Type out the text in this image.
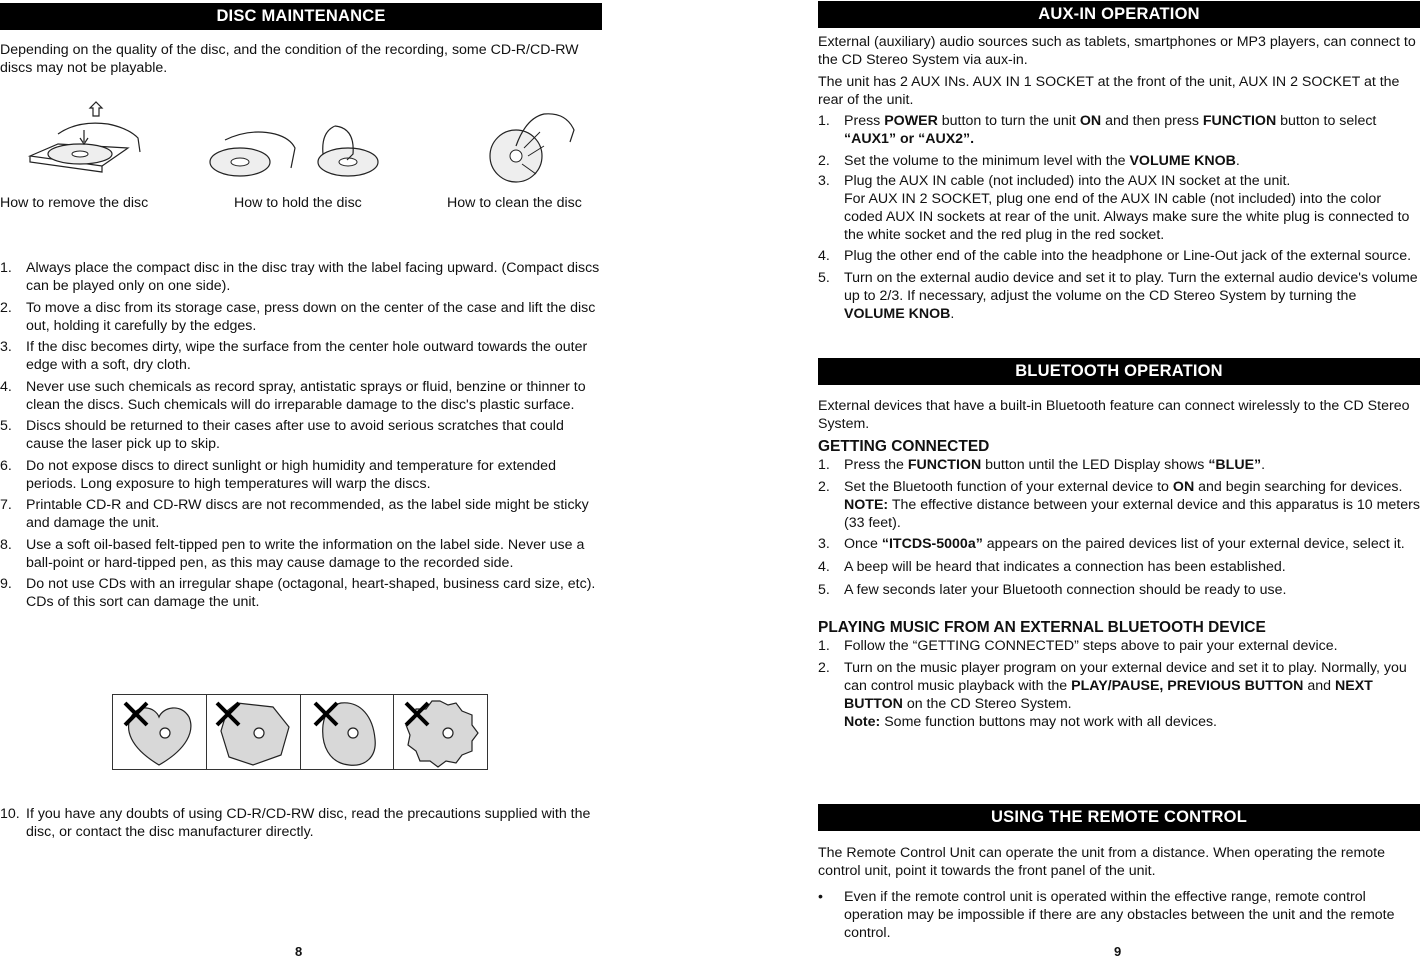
DISC MAINTENANCE

Depending on the quality of the disc, and the condition of the recording, some CD-R/CD-RW discs may not be playable.

How to remove the disc	How to hold the disc	How to clean the disc
1. Always place the compact disc in the disc tray with the label facing upward. (Compact discs can be played only on one side).
2. To move a disc from its storage case, press down on the center of the case and lift the disc out, holding it carefully by the edges.
3. If the disc becomes dirty, wipe the surface from the center hole outward towards the outer edge with a soft, dry cloth.
4. Never use such chemicals as record spray, antistatic sprays or fluid, benzine or thinner to clean the discs. Such chemicals will do irreparable damage to the disc's plastic surface.
5. Discs should be returned to their cases after use to avoid serious scratches that could cause the laser pick up to skip.
6. Do not expose discs to direct sunlight or high humidity and temperature for extended periods. Long exposure to high temperatures will warp the discs.
7. Printable CD-R and CD-RW discs are not recommended, as the label side might be sticky and damage the unit.
8. Use a soft oil-based felt-tipped pen to write the information on the label side. Never use a ball-point or hard-tipped pen, as this may cause damage to the recorded side.
9. Do not use CDs with an irregular shape (octagonal, heart-shaped, business card size, etc). CDs of this sort can damage the unit.
10. If you have any doubts of using CD-R/CD-RW disc, read the precautions supplied with the disc, or contact the disc manufacturer directly.
8
AUX-IN OPERATION

External (auxiliary) audio sources such as tablets, smartphones or MP3 players, can connect to the CD Stereo System via aux-in.

The unit has 2 AUX INs. AUX IN 1 SOCKET at the front of the unit, AUX IN 2 SOCKET at the rear of the unit.

1. Press POWER button to turn the unit ON and then press FUNCTION button to select “AUX1” or “AUX2”.
2. Set the volume to the minimum level with the VOLUME KNOB.
3. Plug the AUX IN cable (not included) into the AUX IN socket at the unit.
For AUX IN 2 SOCKET, plug one end of the AUX IN cable (not included) into the color coded AUX IN sockets at rear of the unit. Always make sure the white plug is connected to the white socket and the red plug in the red socket.
4. Plug the other end of the cable into the headphone or Line-Out jack of the external source.
5. Turn on the external audio device and set it to play. Turn the external audio device's volume up to 2/3. If necessary, adjust the volume on the CD Stereo System by turning the VOLUME KNOB.
BLUETOOTH OPERATION

External devices that have a built-in Bluetooth feature can connect wirelessly to the CD Stereo System.

GETTING CONNECTED

1. Press the FUNCTION button until the LED Display shows “BLUE”.
2. Set the Bluetooth function of your external device to ON and begin searching for devices.
NOTE: The effective distance between your external device and this apparatus is 10 meters (33 feet).
3. Once “ITCDS-5000a” appears on the paired devices list of your external device, select it.
4. A beep will be heard that indicates a connection has been established.
5. A few seconds later your Bluetooth connection should be ready to use.

PLAYING MUSIC FROM AN EXTERNAL BLUETOOTH DEVICE

1. Follow the “GETTING CONNECTED” steps above to pair your external device.
2. Turn on the music player program on your external device and set it to play. Normally, you can control music playback with the PLAY/PAUSE, PREVIOUS BUTTON and NEXT BUTTON on the CD Stereo System.
Note: Some function buttons may not work with all devices.
USING THE REMOTE CONTROL

The Remote Control Unit can operate the unit from a distance. When operating the remote control unit, point it towards the front panel of the unit.

• Even if the remote control unit is operated within the effective range, remote control operation may be impossible if there are any obstacles between the unit and the remote control.
9
